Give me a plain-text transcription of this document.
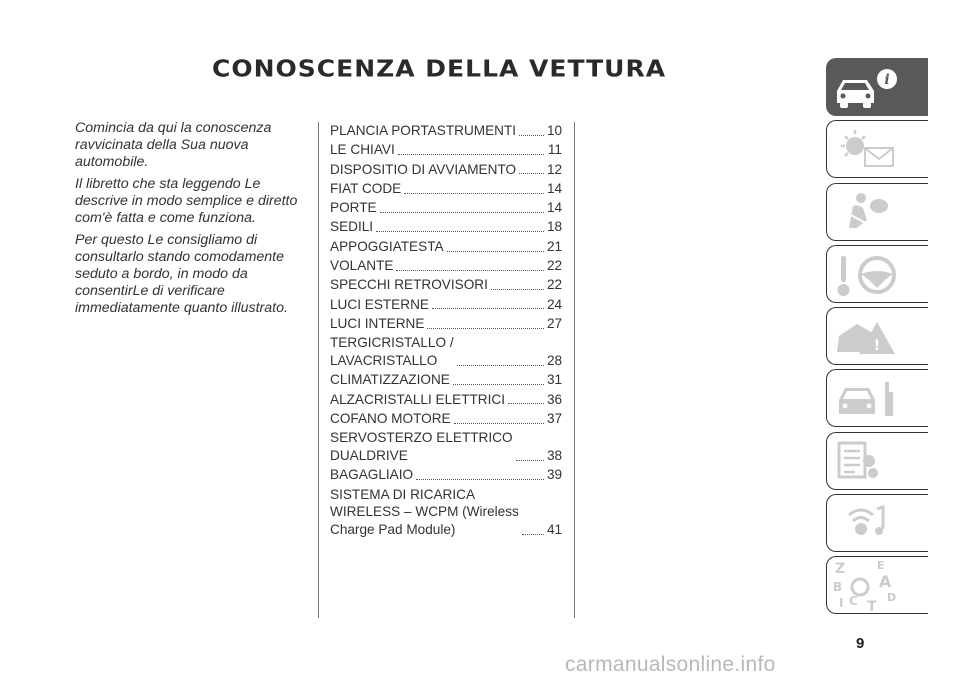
CONOSCENZA DELLA VETTURA

Comincia da qui la conoscenza ravvicinata della Sua nuova automobile.

Il libretto che sta leggendo Le descrive in modo semplice e diretto com'è fatta e come funziona.

Per questo Le consigliamo di consultarlo stando comodamente seduto a bordo, in modo da consentirLe di verificare immediatamente quanto illustrato.

PLANCIA PORTASTRUMENTI 10
LE CHIAVI	11
DISPOSITIO DI AVVIAMENTO 12
FIAT CODE	14
PORTE	14
SEDILI	18
APPOGGIATESTA	21
VOLANTE	22
SPECCHI RETROVISORI	22
LUCI ESTERNE	24
LUCI INTERNE	27
TERGICRISTALLO /
LAVACRISTALLO	28
CLIMATIZZAZIONE	31
ALZACRISTALLI ELETTRICI	36
COFANO MOTORE	37
SERVOSTERZO ELETTRICO
DUALDRIVE	38
BAGAGLIAIO	39
SISTEMA DI RICARICA
WIRELESS – WCPM (Wireless
Charge Pad Module)	41
i
!
Z	E
A
B
C	D
I T
9
carmanualsonline.info
